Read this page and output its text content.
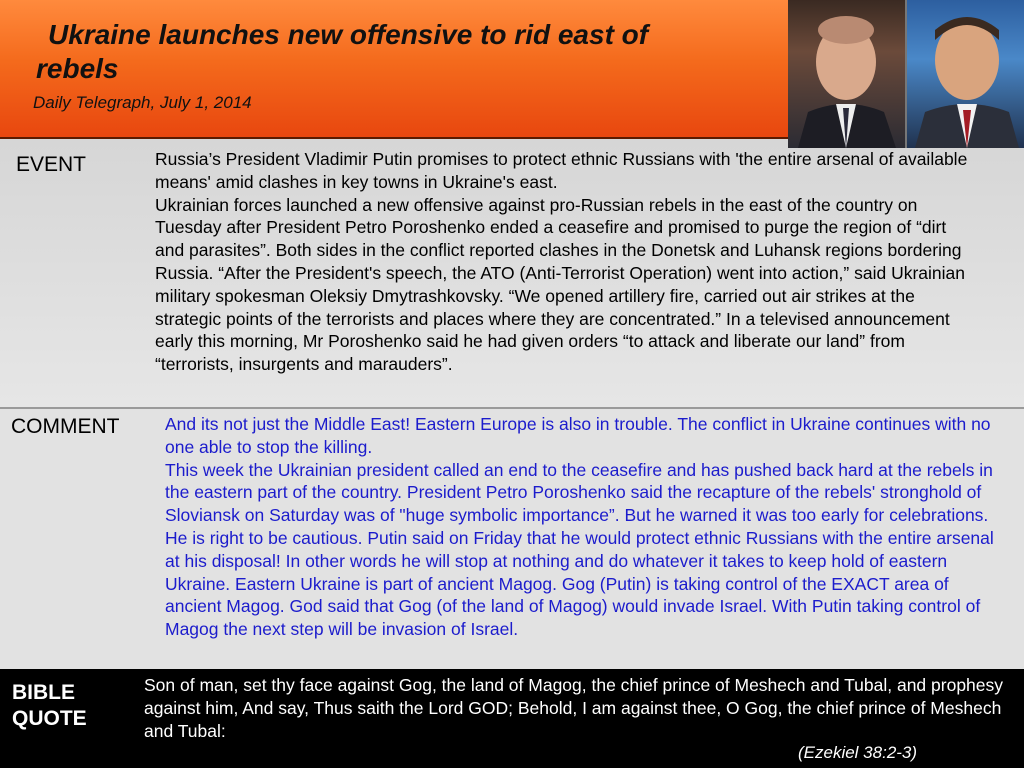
Ukraine launches new offensive to rid east of
rebels
Daily Telegraph, July 1, 2014
EVENT	Russia’s President Vladimir Putin promises to protect ethnic Russians with 'the entire arsenal of available means' amid clashes in key towns in Ukraine's east.

Ukrainian forces launched a new offensive against pro-Russian rebels in the east of the country on Tuesday after President Petro Poroshenko ended a ceasefire and promised to purge the region of “dirt and parasites”. Both sides in the conflict reported clashes in the Donetsk and Luhansk regions bordering Russia. “After the President's speech, the ATO (Anti-Terrorist Operation) went into action,” said Ukrainian military spokesman Oleksiy Dmytrashkovsky. “We opened artillery fire, carried out air strikes at the strategic points of the terrorists and places where they are concentrated.” In a televised announcement early this morning, Mr Poroshenko said he had given orders “to attack and liberate our land” from “terrorists, insurgents and marauders”.

COMMENT	And its not just the Middle East! Eastern Europe is also in trouble. The conflict in Ukraine continues with no one able to stop the killing.

This week the Ukrainian president called an end to the ceasefire and has pushed back hard at the rebels in the eastern part of the country. President Petro Poroshenko said the recapture of the rebels' stronghold of Sloviansk on Saturday was of "huge symbolic importance”. But he warned it was too early for celebrations. He is right to be cautious. Putin said on Friday that he would protect ethnic Russians with the entire arsenal at his disposal! In other words he will stop at nothing and do whatever it takes to keep hold of eastern Ukraine. Eastern Ukraine is part of ancient Magog. Gog (Putin) is taking control of the EXACT area of ancient Magog. God said that Gog (of the land of Magog) would invade Israel. With Putin taking control of Magog the next step will be invasion of Israel.

BIBLE
QUOTE
Son of man, set thy face against Gog, the land of Magog, the chief prince of Meshech and Tubal, and prophesy against him, And say, Thus saith the Lord GOD; Behold, I am against thee, O Gog, the chief prince of Meshech and Tubal:
(Ezekiel 38:2-3)
